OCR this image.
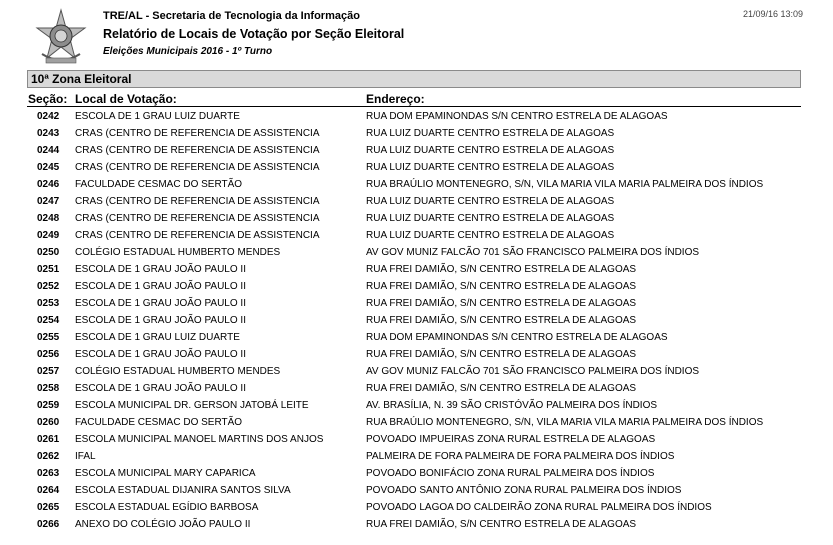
TRE/AL - Secretaria de Tecnologia da Informação
Relatório de Locais de Votação por Seção Eleitoral
Eleições Municipais 2016 - 1º Turno
21/09/16 13:09
10ª Zona Eleitoral
Seção: Local de Votação:	Endereço:
0242 ESCOLA DE 1 GRAU LUIZ DUARTE	RUA DOM EPAMINONDAS S/N CENTRO ESTRELA DE ALAGOAS
0243 CRAS (CENTRO DE REFERENCIA DE ASSISTENCIA	RUA LUIZ DUARTE CENTRO ESTRELA DE ALAGOAS
0244 CRAS (CENTRO DE REFERENCIA DE ASSISTENCIA	RUA LUIZ DUARTE CENTRO ESTRELA DE ALAGOAS
0245 CRAS (CENTRO DE REFERENCIA DE ASSISTENCIA	RUA LUIZ DUARTE CENTRO ESTRELA DE ALAGOAS
0246 FACULDADE CESMAC DO SERTÃO	RUA BRAÚLIO MONTENEGRO, S/N, VILA MARIA VILA MARIA PALMEIRA DOS ÍNDIOS
0247 CRAS (CENTRO DE REFERENCIA DE ASSISTENCIA	RUA LUIZ DUARTE CENTRO ESTRELA DE ALAGOAS
0248 CRAS (CENTRO DE REFERENCIA DE ASSISTENCIA	RUA LUIZ DUARTE CENTRO ESTRELA DE ALAGOAS
0249 CRAS (CENTRO DE REFERENCIA DE ASSISTENCIA	RUA LUIZ DUARTE CENTRO ESTRELA DE ALAGOAS
0250 COLÉGIO ESTADUAL HUMBERTO MENDES	AV GOV MUNIZ FALCÃO 701 SÃO FRANCISCO PALMEIRA DOS ÍNDIOS
0251 ESCOLA DE 1 GRAU JOÃO PAULO II	RUA FREI DAMIÃO, S/N CENTRO ESTRELA DE ALAGOAS
0252 ESCOLA DE 1 GRAU JOÃO PAULO II	RUA FREI DAMIÃO, S/N CENTRO ESTRELA DE ALAGOAS
0253 ESCOLA DE 1 GRAU JOÃO PAULO II	RUA FREI DAMIÃO, S/N CENTRO ESTRELA DE ALAGOAS
0254 ESCOLA DE 1 GRAU JOÃO PAULO II	RUA FREI DAMIÃO, S/N CENTRO ESTRELA DE ALAGOAS
0255 ESCOLA DE 1 GRAU LUIZ DUARTE	RUA DOM EPAMINONDAS S/N CENTRO ESTRELA DE ALAGOAS
0256 ESCOLA DE 1 GRAU JOÃO PAULO II	RUA FREI DAMIÃO, S/N CENTRO ESTRELA DE ALAGOAS
0257 COLÉGIO ESTADUAL HUMBERTO MENDES	AV GOV MUNIZ FALCÃO 701 SÃO FRANCISCO PALMEIRA DOS ÍNDIOS
0258 ESCOLA DE 1 GRAU JOÃO PAULO II	RUA FREI DAMIÃO, S/N CENTRO ESTRELA DE ALAGOAS
0259 ESCOLA MUNICIPAL DR. GERSON JATOBÁ LEITE	AV. BRASÍLIA, N. 39 SÃO CRISTÓVÃO PALMEIRA DOS ÍNDIOS
0260 FACULDADE CESMAC DO SERTÃO	RUA BRAÚLIO MONTENEGRO, S/N, VILA MARIA VILA MARIA PALMEIRA DOS ÍNDIOS
0261 ESCOLA MUNICIPAL MANOEL MARTINS DOS ANJOS	POVOADO IMPUEIRAS ZONA RURAL ESTRELA DE ALAGOAS
0262 IFAL	PALMEIRA DE FORA PALMEIRA DE FORA PALMEIRA DOS ÍNDIOS
0263 ESCOLA MUNICIPAL MARY CAPARICA	POVOADO BONIFÁCIO ZONA RURAL PALMEIRA DOS ÍNDIOS
0264 ESCOLA ESTADUAL DIJANIRA SANTOS SILVA	POVOADO SANTO ANTÔNIO ZONA RURAL PALMEIRA DOS ÍNDIOS
0265 ESCOLA ESTADUAL EGÍDIO BARBOSA	POVOADO LAGOA DO CALDEIRÃO ZONA RURAL PALMEIRA DOS ÍNDIOS
0266 ANEXO DO COLÉGIO JOÃO PAULO II	RUA FREI DAMIÃO, S/N CENTRO ESTRELA DE ALAGOAS
